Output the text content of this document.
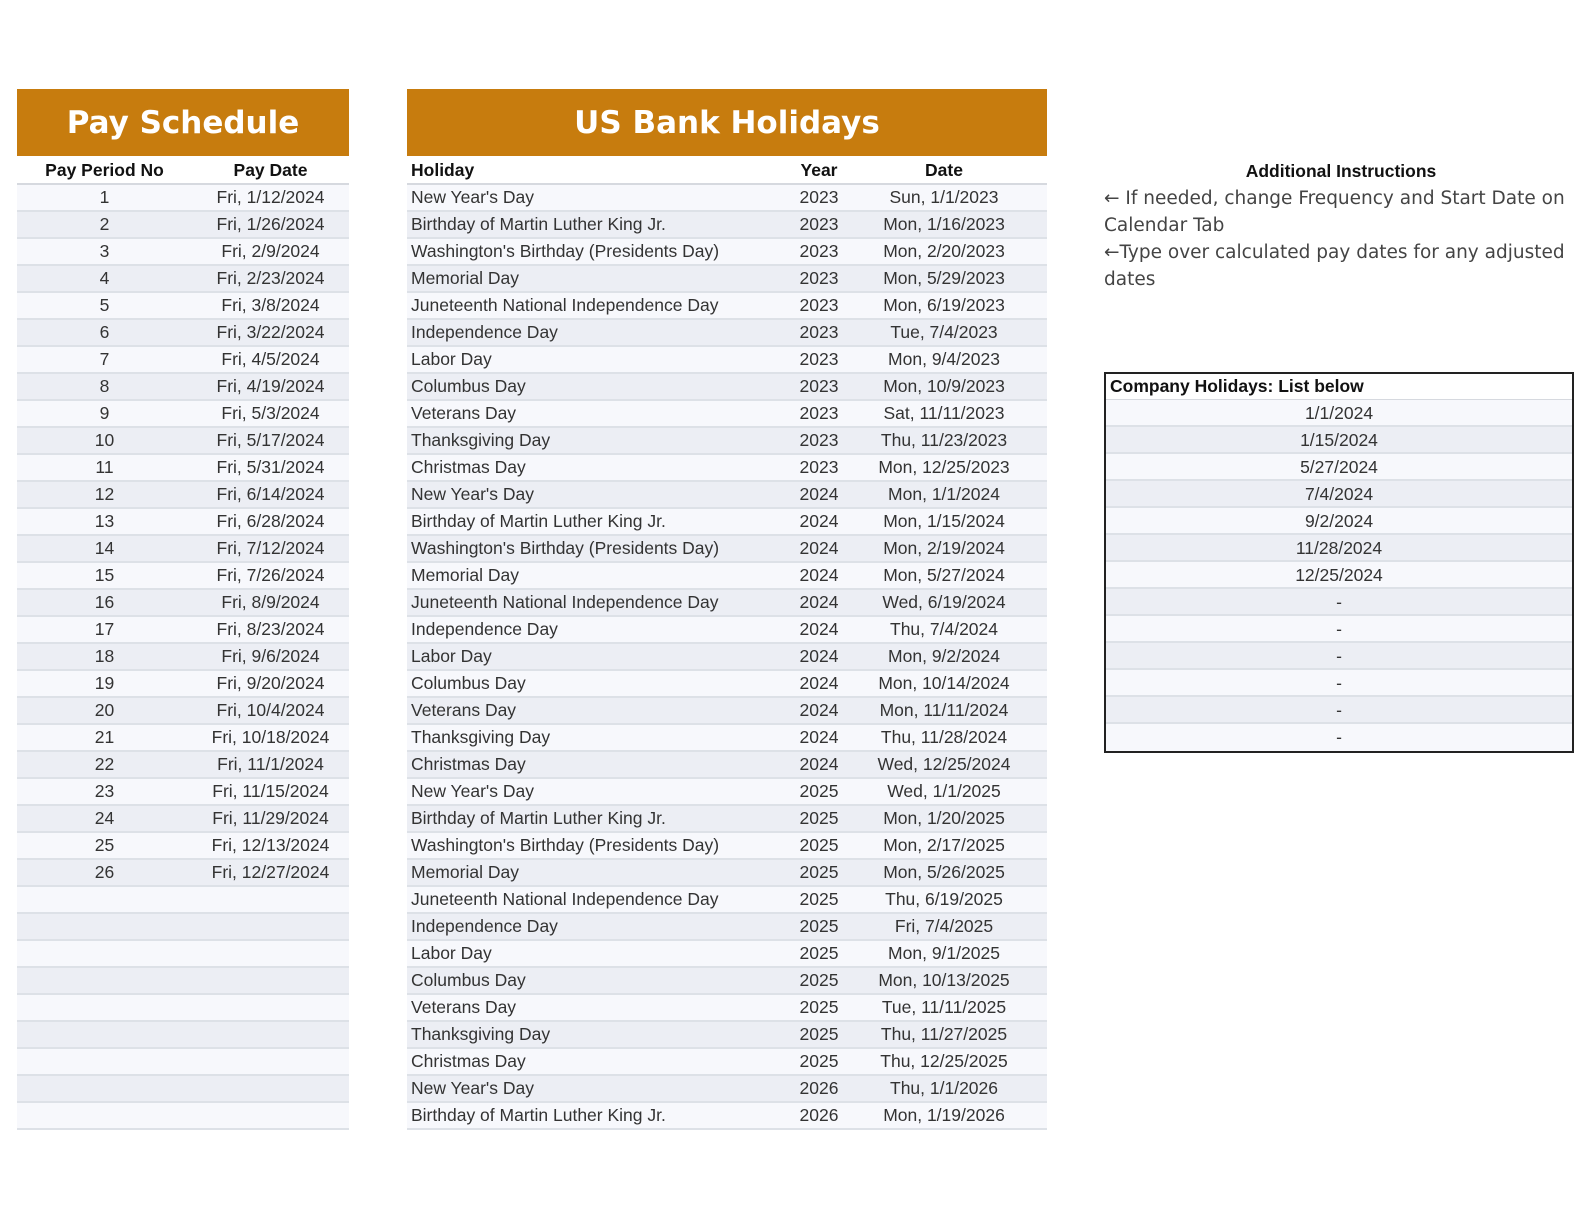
Pay Schedule	US Bank Holidays
Pay Period No	Pay Date
1	Fri, 1/12/2024
2	Fri, 1/26/2024
3	Fri, 2/9/2024
4	Fri, 2/23/2024
5	Fri, 3/8/2024
6	Fri, 3/22/2024
7	Fri, 4/5/2024
8	Fri, 4/19/2024
9	Fri, 5/3/2024
10	Fri, 5/17/2024
11	Fri, 5/31/2024
12	Fri, 6/14/2024
13	Fri, 6/28/2024
14	Fri, 7/12/2024
15	Fri, 7/26/2024
16	Fri, 8/9/2024
17	Fri, 8/23/2024
18	Fri, 9/6/2024
19	Fri, 9/20/2024
20	Fri, 10/4/2024
21	Fri, 10/18/2024
22	Fri, 11/1/2024
23	Fri, 11/15/2024
24	Fri, 11/29/2024
25	Fri, 12/13/2024
26	Fri, 12/27/2024
Holiday	Year	Date
New Year's Day	2023	Sun, 1/1/2023
Birthday of Martin Luther King Jr.	2023	Mon, 1/16/2023
Washington's Birthday (Presidents Day)	2023	Mon, 2/20/2023
Memorial Day	2023	Mon, 5/29/2023
Juneteenth National Independence Day	2023	Mon, 6/19/2023
Independence Day	2023	Tue, 7/4/2023
Labor Day	2023	Mon, 9/4/2023
Columbus Day	2023	Mon, 10/9/2023
Veterans Day	2023	Sat, 11/11/2023
Thanksgiving Day	2023	Thu, 11/23/2023
Christmas Day	2023	Mon, 12/25/2023
New Year's Day	2024	Mon, 1/1/2024
Birthday of Martin Luther King Jr.	2024	Mon, 1/15/2024
Washington's Birthday (Presidents Day)	2024	Mon, 2/19/2024
Memorial Day	2024	Mon, 5/27/2024
Juneteenth National Independence Day	2024	Wed, 6/19/2024
Independence Day	2024	Thu, 7/4/2024
Labor Day	2024	Mon, 9/2/2024
Columbus Day	2024	Mon, 10/14/2024
Veterans Day	2024	Mon, 11/11/2024
Thanksgiving Day	2024	Thu, 11/28/2024
Christmas Day	2024	Wed, 12/25/2024
New Year's Day	2025	Wed, 1/1/2025
Birthday of Martin Luther King Jr.	2025	Mon, 1/20/2025
Washington's Birthday (Presidents Day)	2025	Mon, 2/17/2025
Memorial Day	2025	Mon, 5/26/2025
Juneteenth National Independence Day	2025	Thu, 6/19/2025
Independence Day	2025	Fri, 7/4/2025
Labor Day	2025	Mon, 9/1/2025
Columbus Day	2025	Mon, 10/13/2025
Veterans Day	2025	Tue, 11/11/2025
Thanksgiving Day	2025	Thu, 11/27/2025
Christmas Day	2025	Thu, 12/25/2025
New Year's Day	2026	Thu, 1/1/2026
Birthday of Martin Luther King Jr.	2026	Mon, 1/19/2026
Additional Instructions
← If needed, change Frequency and Start Date on Calendar Tab
←Type over calculated pay dates for any adjusted dates
Company Holidays: List below
1/1/2024
1/15/2024
5/27/2024
7/4/2024
9/2/2024
11/28/2024
12/25/2024
-
-
-
-
-
-
